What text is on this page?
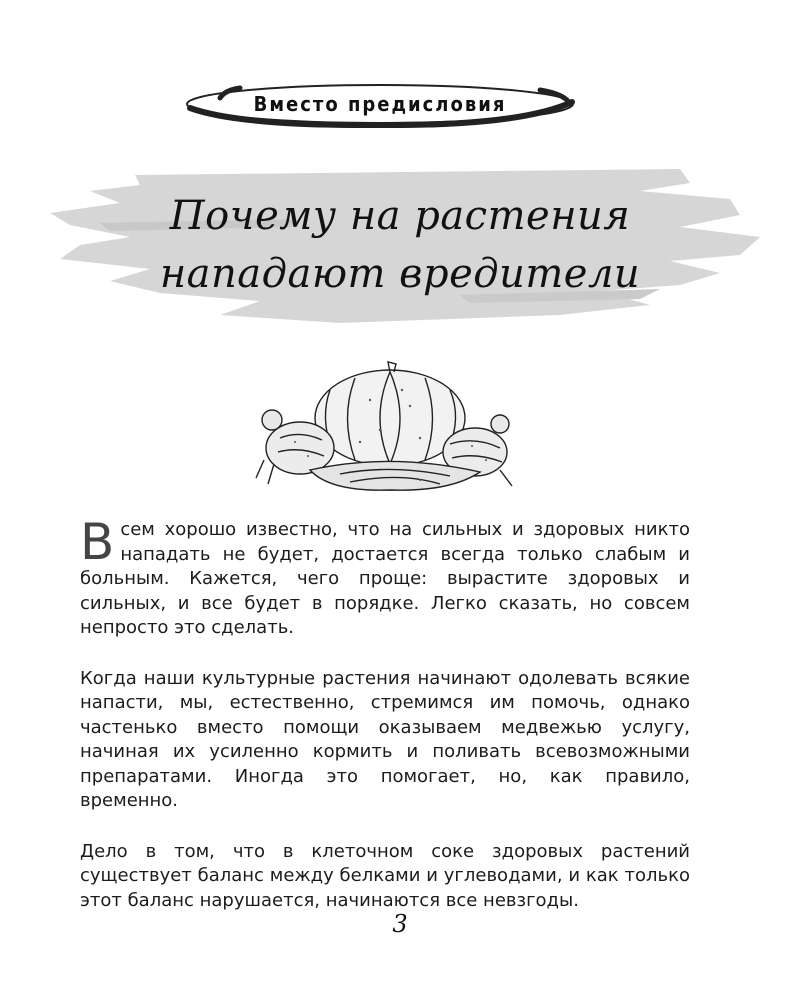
Вместо предисловия
Почему на растения
нападают вредители

Всем хорошо известно, что на сильных и здоровых никто нападать не будет, достается всегда только слабым и больным. Кажется, чего проще: вырастите здоровых и сильных, и все будет в порядке. Легко сказать, но совсем непросто это сделать.

Когда наши культурные растения начинают одолевать всякие напасти, мы, естественно, стремимся им помочь, однако частенько вместо помощи оказываем медвежью услугу, начиная их усиленно кормить и поливать всевозможными препаратами. Иногда это помогает, но, как правило, временно.

Дело в том, что в клеточном соке здоровых растений существует баланс между белками и углеводами, и как только этот баланс нарушается, начинаются все невзгоды.

3
